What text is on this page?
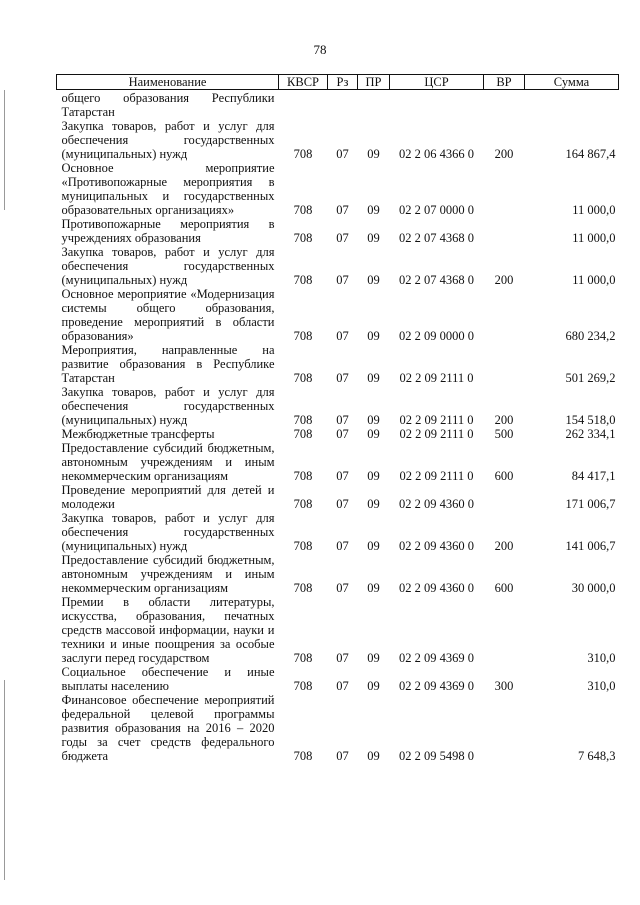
78
Наименование	КВСР	Рз	ПР	ЦСР	ВР	Сумма
общего образования Республики Татарстан						
Закупка товаров, работ и услуг для обеспечения государственных (муниципальных) нужд	708	07	09	02 2 06 4366 0	200	164 867,4
Основное мероприятие «Противопожарные мероприятия в муниципальных и государственных образовательных организациях»	708	07	09	02 2 07 0000 0		11 000,0
Противопожарные мероприятия в учреждениях образования	708	07	09	02 2 07 4368 0		11 000,0
Закупка товаров, работ и услуг для обеспечения государственных (муниципальных) нужд	708	07	09	02 2 07 4368 0	200	11 000,0
Основное мероприятие «Модернизация системы общего образования, проведение мероприятий в области образования»	708	07	09	02 2 09 0000 0		680 234,2
Мероприятия, направленные на развитие образования в Республике Татарстан	708	07	09	02 2 09 2111 0		501 269,2
Закупка товаров, работ и услуг для обеспечения государственных (муниципальных) нужд	708	07	09	02 2 09 2111 0	200	154 518,0
Межбюджетные трансферты	708	07	09	02 2 09 2111 0	500	262 334,1
Предоставление субсидий бюджетным, автономным учреждениям и иным некоммерческим организациям	708	07	09	02 2 09 2111 0	600	84 417,1
Проведение мероприятий для детей и молодежи	708	07	09	02 2 09 4360 0		171 006,7
Закупка товаров, работ и услуг для обеспечения государственных (муниципальных) нужд	708	07	09	02 2 09 4360 0	200	141 006,7
Предоставление субсидий бюджетным, автономным учреждениям и иным некоммерческим организациям	708	07	09	02 2 09 4360 0	600	30 000,0
Премии в области литературы, искусства, образования, печатных средств массовой информации, науки и техники и иные поощрения за особые заслуги перед государством	708	07	09	02 2 09 4369 0		310,0
Социальное обеспечение и иные выплаты населению	708	07	09	02 2 09 4369 0	300	310,0
Финансовое обеспечение мероприятий федеральной целевой программы развития образования на 2016 – 2020 годы за счет средств федерального бюджета	708	07	09	02 2 09 5498 0		7 648,3
